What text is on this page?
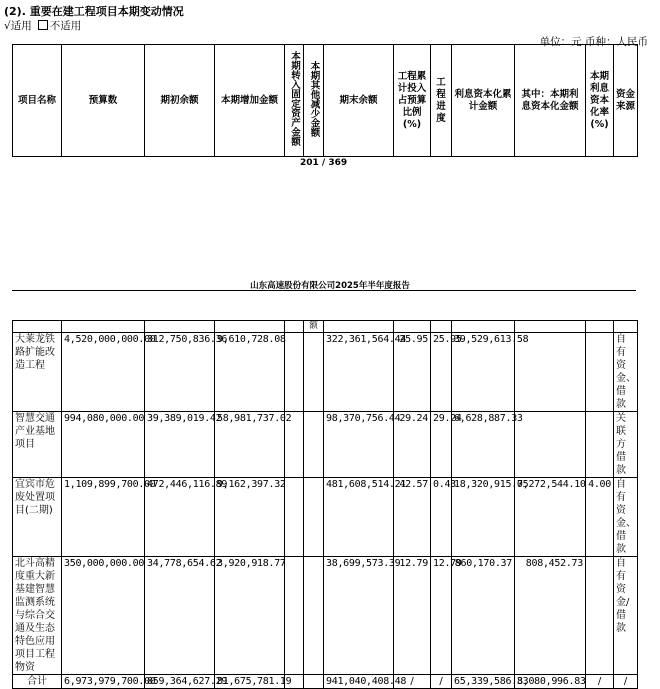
(2). 重要在建工程项目本期变动情况
√适用 不适用
单位：元 币种：人民币
项目名称	预算数	期初余额	本期增加金额	本期转入固定资产金额	本期其他减少金额	期末余额	工程累计投入占预算比例(%)	工程进度	利息资本化累计金额	其中：本期利息资本化金额	本期利息资本化率(%)	资金来源
201 / 369
山东高速股份有限公司2025年半年度报告
					额							
大莱龙铁路扩能改造工程	4,520,000,000.00	312,750,836.36	9,610,728.08			322,361,564.44	25.95	25.95	39,529,613.58			自有资金、借款
智慧交通产业基地项目	994,080,000.00	39,389,019.42	58,981,737.02			98,370,756.44	29.24	29.24	6,628,887.33			关联方借款
宜宾市危废处置项目(二期)	1,109,899,700.00	472,446,116.89	9,162,397.32			481,608,514.21	42.57	0.43	18,320,915.05	7,272,544.10	4.00	自有资金、借款
北斗高精度重大新基建智慧监测系统与综合交通及生态特色应用项目工程物资	350,000,000.00	34,778,654.62	3,920,918.77			38,699,573.39	12.79	12.79	860,170.37	808,452.73		自有资金/借款
合计	6,973,979,700.00	859,364,627.29	81,675,781.19			941,040,408.48	/	/	65,339,586.33	8,080,996.83	/	/
